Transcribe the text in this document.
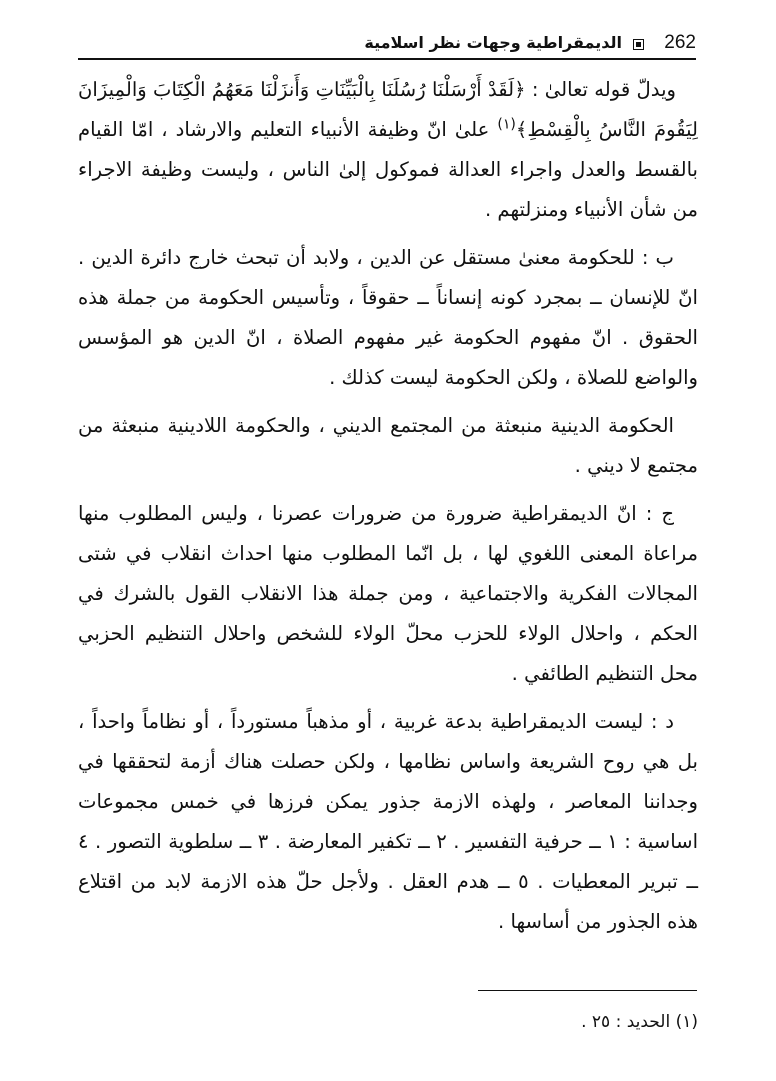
262
الديمقراطية وجهات نظر اسلامية

ويدلّ قوله تعالىٰ : ﴿لَقَدْ أَرْسَلْنَا رُسُلَنَا بِالْبَيِّنَاتِ وَأَنزَلْنَا مَعَهُمُ الْكِتَابَ وَالْمِيزَانَ لِيَقُومَ النَّاسُ بِالْقِسْطِ﴾$^{(١)}$ علىٰ انّ وظيفة الأنبياء التعليم والارشاد ، امّا القيام بالقسط والعدل واجراء العدالة فموكول إلىٰ الناس ، وليست وظيفة الاجراء من شأن الأنبياء ومنزلتهم .

ب : للحكومة معنىٰ مستقل عن الدين ، ولابد أن تبحث خارج دائرة الدين . انّ للإنسان ــ بمجرد كونه إنساناً ــ حقوقاً ، وتأسيس الحكومة من جملة هذه الحقوق . انّ مفهوم الحكومة غير مفهوم الصلاة ، انّ الدين هو المؤسس والواضع للصلاة ، ولكن الحكومة ليست كذلك .

الحكومة الدينية منبعثة من المجتمع الديني ، والحكومة اللادينية منبعثة من مجتمع لا ديني .

ج : انّ الديمقراطية ضرورة من ضرورات عصرنا ، وليس المطلوب منها مراعاة المعنى اللغوي لها ، بل انّما المطلوب منها احداث انقلاب في شتى المجالات الفكرية والاجتماعية ، ومن جملة هذا الانقلاب القول بالشرك في الحكم ، واحلال الولاء للحزب محلّ الولاء للشخص واحلال التنظيم الحزبي محل التنظيم الطائفي .

د : ليست الديمقراطية بدعة غربية ، أو مذهباً مستورداً ، أو نظاماً واحداً ، بل هي روح الشريعة واساس نظامها ، ولكن حصلت هناك أزمة لتحققها في وجداننا المعاصر ، ولهذه الازمة جذور يمكن فرزها في خمس مجموعات اساسية : ١ ــ حرفية التفسير . ٢ ــ تكفير المعارضة . ٣ ــ سلطوية التصور . ٤ ــ تبرير المعطيات . ٥ ــ هدم العقل . ولأجل حلّ هذه الازمة لابد من اقتلاع هذه الجذور من أساسها .

(١) الحديد : ٢٥ .
